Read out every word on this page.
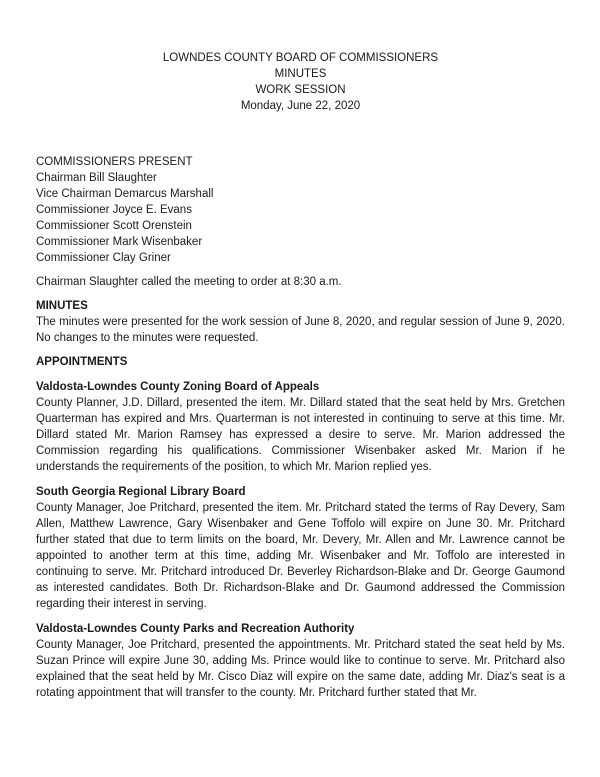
LOWNDES COUNTY BOARD OF COMMISSIONERS
MINUTES
WORK SESSION
Monday, June 22, 2020
COMMISSIONERS PRESENT
Chairman Bill Slaughter
Vice Chairman Demarcus Marshall
Commissioner Joyce E. Evans
Commissioner Scott Orenstein
Commissioner Mark Wisenbaker
Commissioner Clay Griner

Chairman Slaughter called the meeting to order at 8:30 a.m.

MINUTES

The minutes were presented for the work session of June 8, 2020, and regular session of June 9, 2020. No changes to the minutes were requested.

APPOINTMENTS
Valdosta-Lowndes County Zoning Board of Appeals

County Planner, J.D. Dillard, presented the item. Mr. Dillard stated that the seat held by Mrs. Gretchen Quarterman has expired and Mrs. Quarterman is not interested in continuing to serve at this time. Mr. Dillard stated Mr. Marion Ramsey has expressed a desire to serve. Mr. Marion addressed the Commission regarding his qualifications. Commissioner Wisenbaker asked Mr. Marion if he understands the requirements of the position, to which Mr. Marion replied yes.

South Georgia Regional Library Board

County Manager, Joe Pritchard, presented the item. Mr. Pritchard stated the terms of Ray Devery, Sam Allen, Matthew Lawrence, Gary Wisenbaker and Gene Toffolo will expire on June 30. Mr. Pritchard further stated that due to term limits on the board, Mr. Devery, Mr. Allen and Mr. Lawrence cannot be appointed to another term at this time, adding Mr. Wisenbaker and Mr. Toffolo are interested in continuing to serve. Mr. Pritchard introduced Dr. Beverley Richardson-Blake and Dr. George Gaumond as interested candidates. Both Dr. Richardson-Blake and Dr. Gaumond addressed the Commission regarding their interest in serving.

Valdosta-Lowndes County Parks and Recreation Authority

County Manager, Joe Pritchard, presented the appointments. Mr. Pritchard stated the seat held by Ms. Suzan Prince will expire June 30, adding Ms. Prince would like to continue to serve. Mr. Pritchard also explained that the seat held by Mr. Cisco Diaz will expire on the same date, adding Mr. Diaz's seat is a rotating appointment that will transfer to the county. Mr. Pritchard further stated that Mr.
